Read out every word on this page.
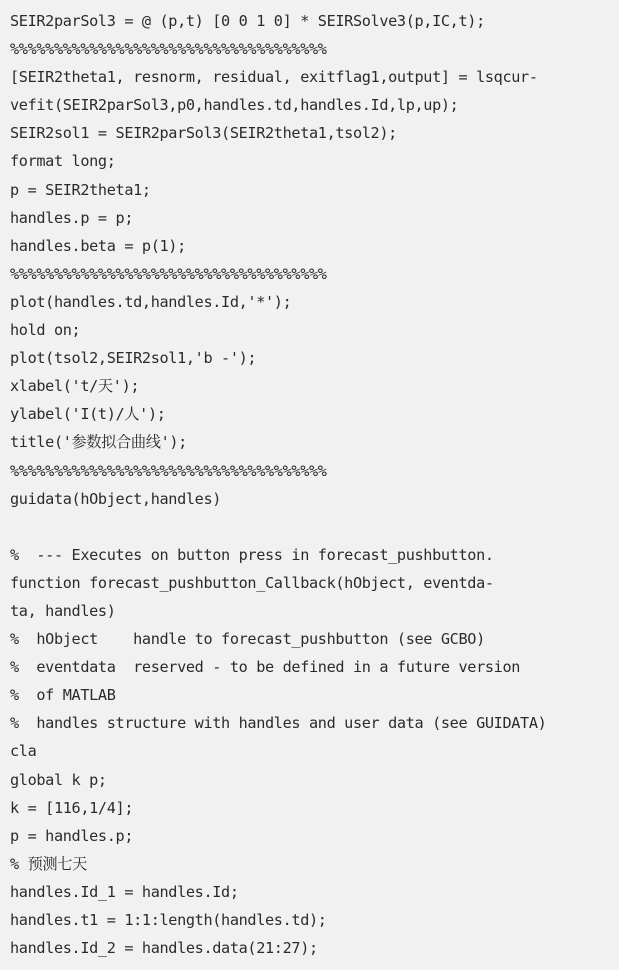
SEIR2parSol3 = @ (p,t) [0 0 1 0] * SEIRSolve3(p,IC,t);
%%%%%%%%%%%%%%%%%%%%%%%%%%%%%%%%%%%%
[SEIR2theta1, resnorm, residual, exitflag1,output] = lsqcur-
vefit(SEIR2parSol3,p0,handles.td,handles.Id,lp,up);
SEIR2sol1 = SEIR2parSol3(SEIR2theta1,tsol2);
format long;
p = SEIR2theta1;
handles.p = p;
handles.beta = p(1);
%%%%%%%%%%%%%%%%%%%%%%%%%%%%%%%%%%%%
plot(handles.td,handles.Id,'*');
hold on;
plot(tsol2,SEIR2sol1,'b -');
xlabel('t/天');
ylabel('I(t)/人');
title('参数拟合曲线');
%%%%%%%%%%%%%%%%%%%%%%%%%%%%%%%%%%%%
guidata(hObject,handles)
%  --- Executes on button press in forecast_pushbutton.
function forecast_pushbutton_Callback(hObject, eventda-
ta, handles)
%  hObject    handle to forecast_pushbutton (see GCBO)
%  eventdata  reserved - to be defined in a future version
%  of MATLAB
%  handles structure with handles and user data (see GUIDATA)
cla
global k p;
k = [116,1/4];
p = handles.p;
% 预测七天
handles.Id_1 = handles.Id;
handles.t1 = 1:1:length(handles.td);
handles.Id_2 = handles.data(21:27);
